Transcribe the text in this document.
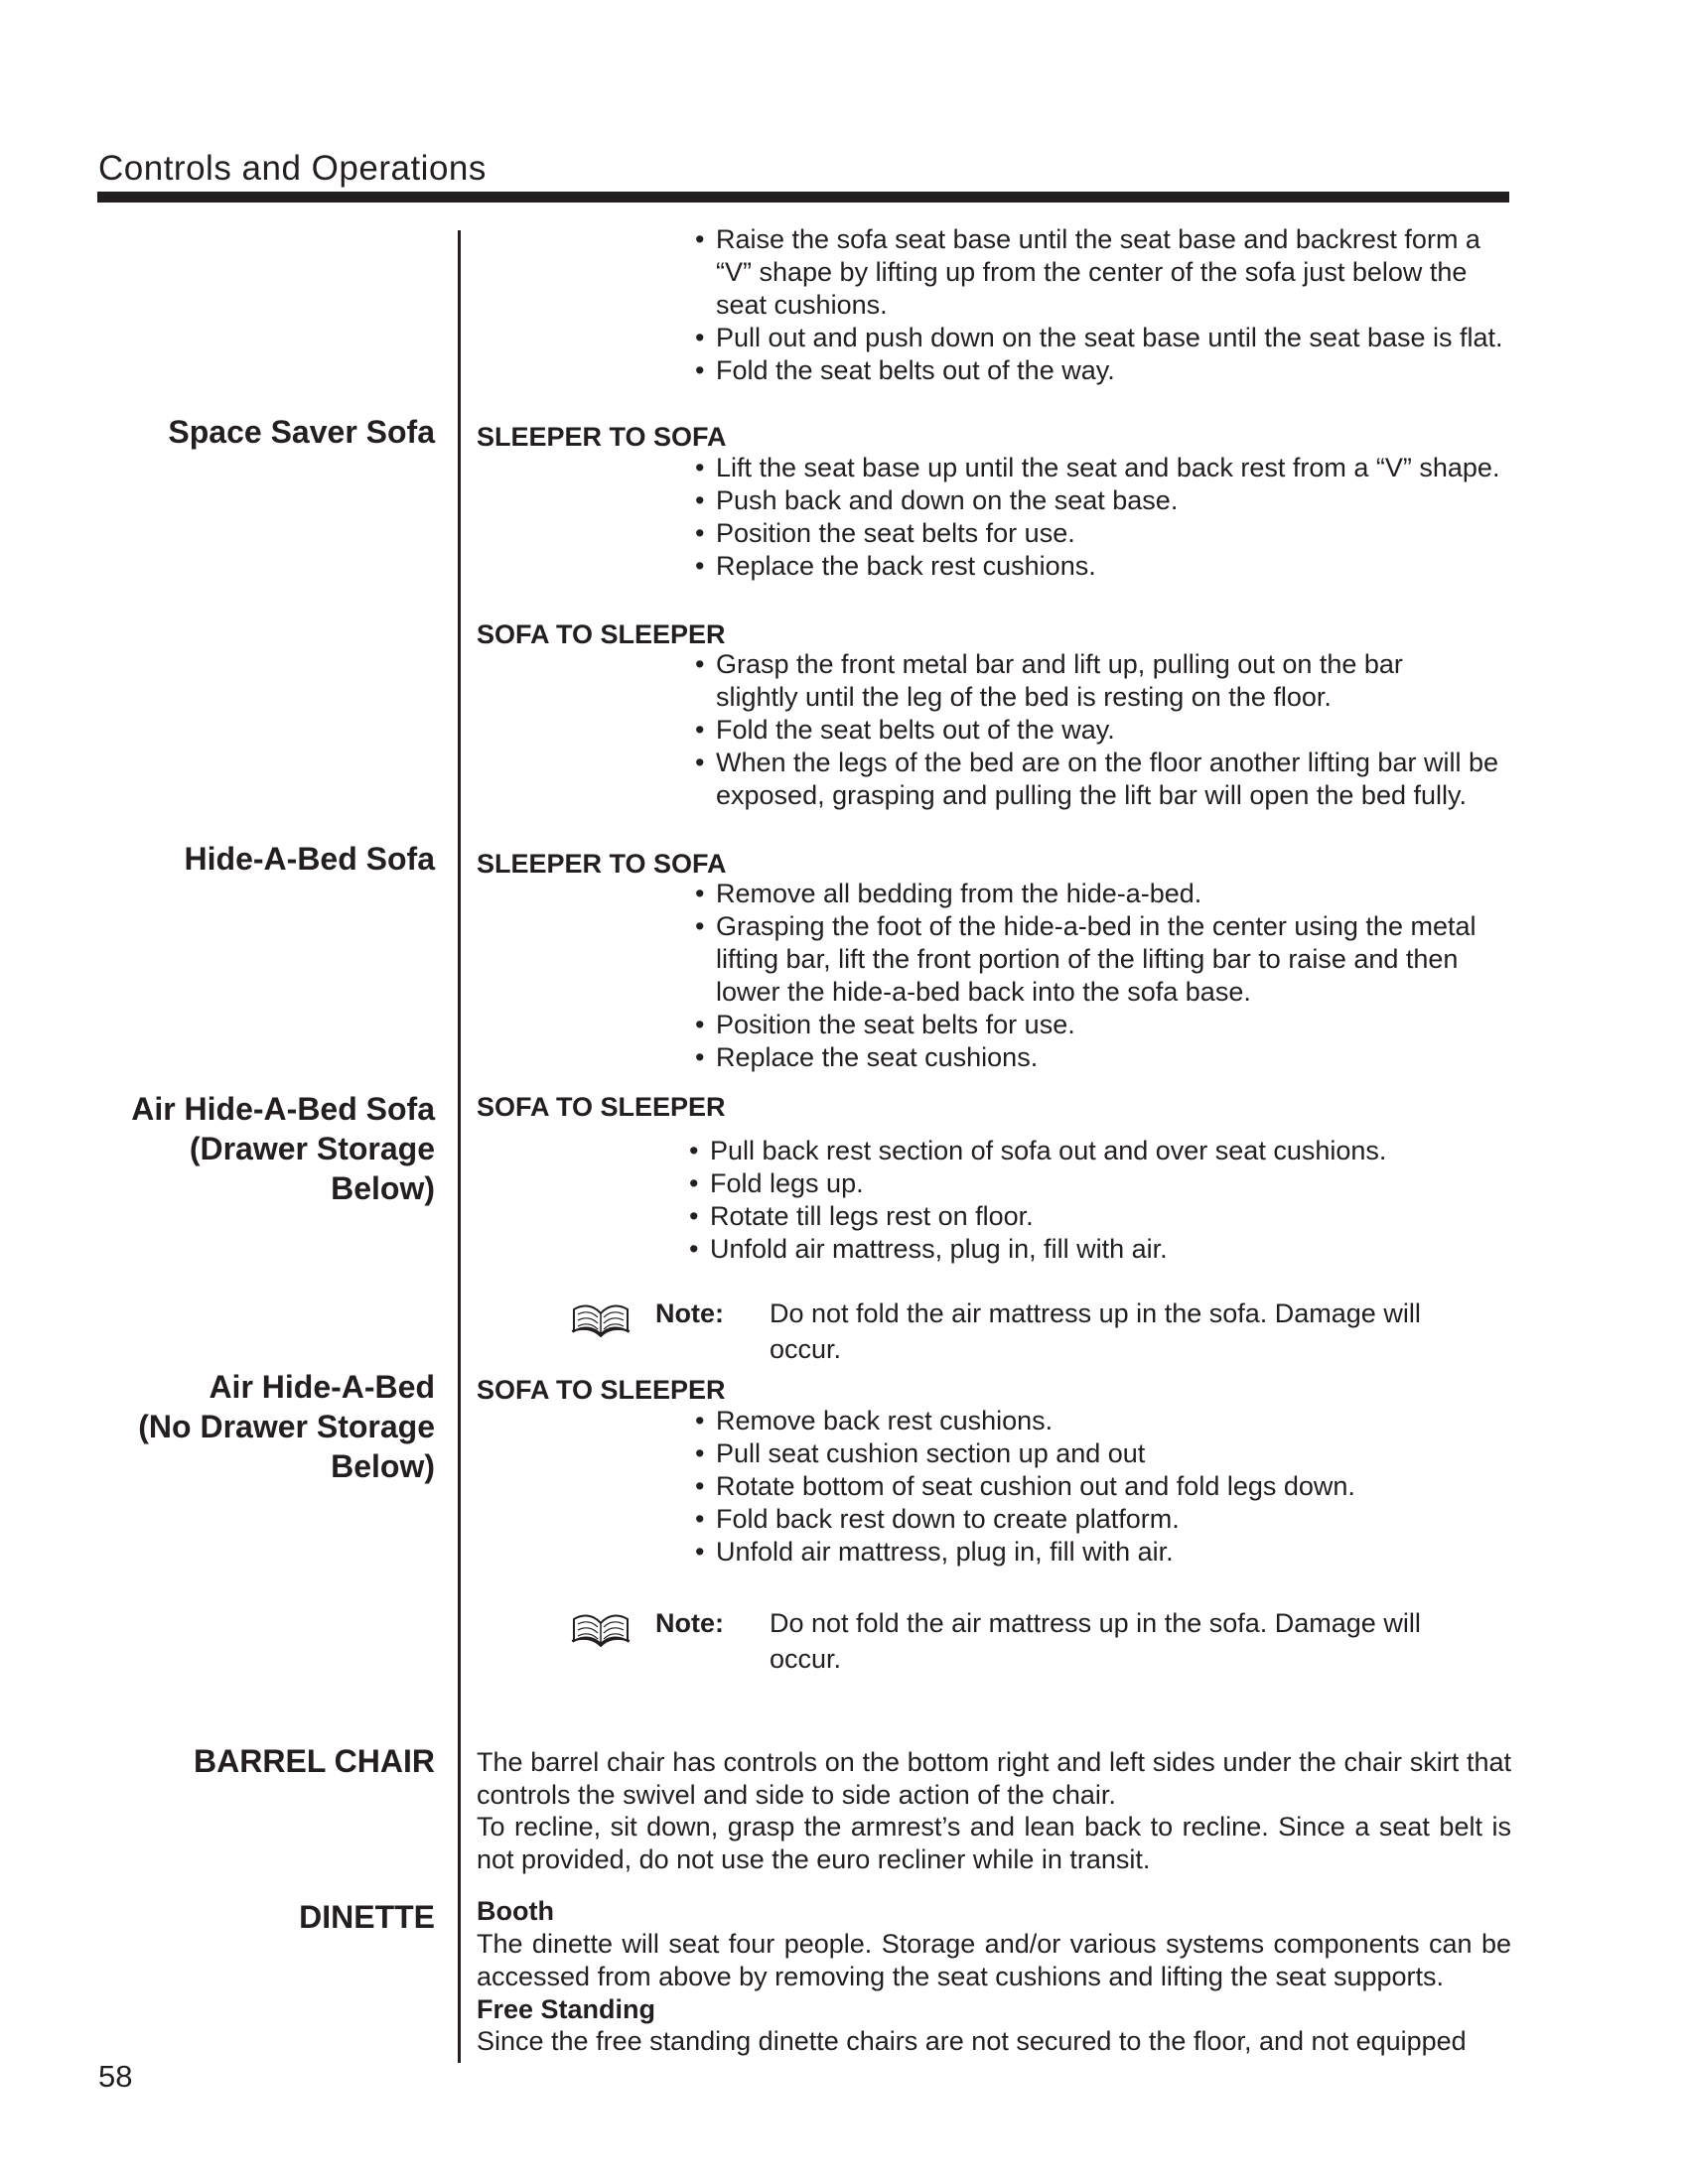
Controls and Operations
• Raise the sofa seat base until the seat base and backrest form a
“V” shape by lifting up from the center of the sofa just below the
seat cushions.
• Pull out and push down on the seat base until the seat base is flat.
• Fold the seat belts out of the way.
Space Saver Sofa SLEEPER TO SOFA
• Lift the seat base up until the seat and back rest from a “V” shape.
• Push back and down on the seat base.
• Position the seat belts for use.
• Replace the back rest cushions.
SOFA TO SLEEPER
• Grasp the front metal bar and lift up, pulling out on the bar
slightly until the leg of the bed is resting on the floor.
• Fold the seat belts out of the way.
• When the legs of the bed are on the floor another lifting bar will be
exposed, grasping and pulling the lift bar will open the bed fully.
Hide-A-Bed Sofa SLEEPER TO SOFA
• Remove all bedding from the hide-a-bed.
• Grasping the foot of the hide-a-bed in the center using the metal
lifting bar, lift the front portion of the lifting bar to raise and then
lower the hide-a-bed back into the sofa base.
• Position the seat belts for use.
• Replace the seat cushions.
Air Hide-A-Bed Sofa
(Drawer Storage
Below)
SOFA TO SLEEPER
• Pull back rest section of sofa out and over seat cushions.
• Fold legs up.
• Rotate till legs rest on floor.
• Unfold air mattress, plug in, fill with air.
Note: Do not fold the air mattress up in the sofa. Damage will occur.
Air Hide-A-Bed
(No Drawer Storage
Below)
SOFA TO SLEEPER
• Remove back rest cushions.
• Pull seat cushion section up and out
• Rotate bottom of seat cushion out and fold legs down.
• Fold back rest down to create platform.
• Unfold air mattress, plug in, fill with air.
Note: Do not fold the air mattress up in the sofa. Damage will occur.
BARREL CHAIR The barrel chair has controls on the bottom right and left sides under the chair skirt that controls the swivel and side to side action of the chair.
To recline, sit down, grasp the armrest’s and lean back to recline. Since a seat belt is not provided, do not use the euro recliner while in transit.
DINETTE Booth
The dinette will seat four people. Storage and/or various systems components can be accessed from above by removing the seat cushions and lifting the seat supports.
Free Standing
Since the free standing dinette chairs are not secured to the floor, and not equipped
58
